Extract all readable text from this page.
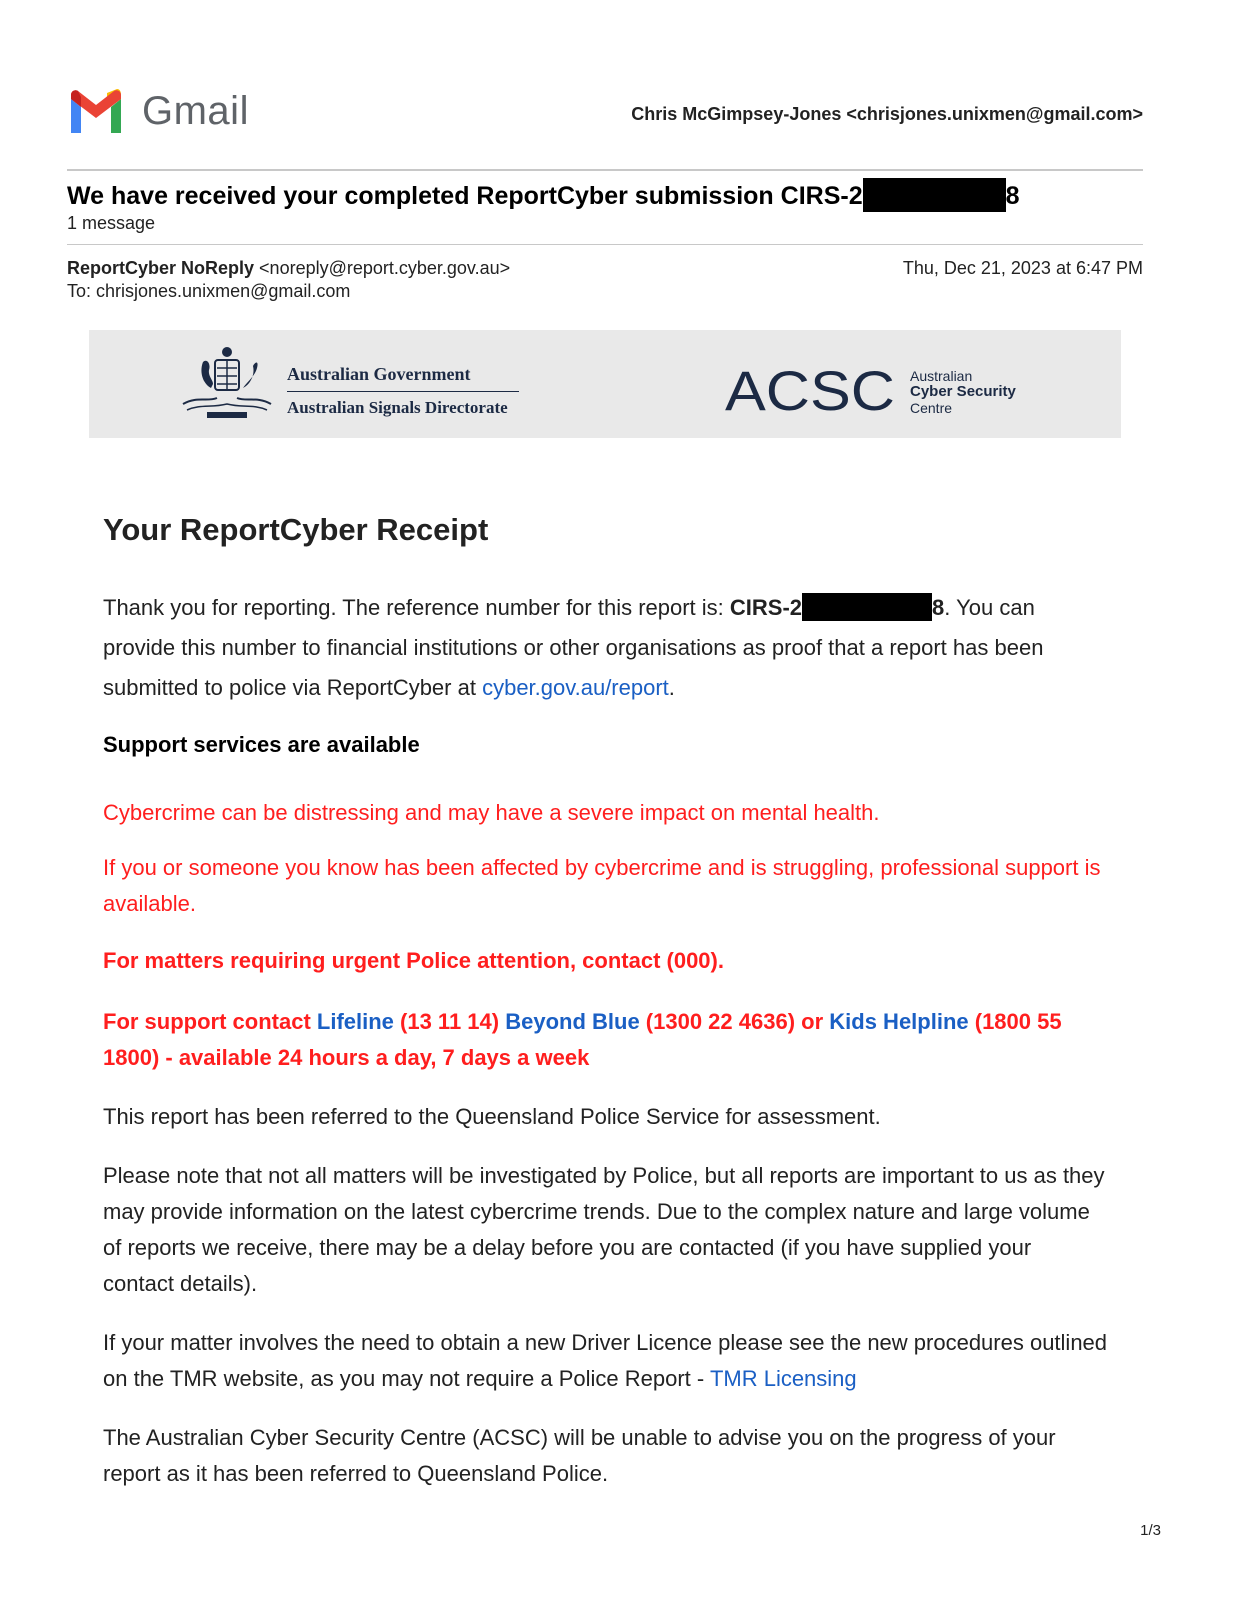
Gmail	Chris McGimpsey-Jones <chrisjones.unixmen@gmail.com>
We have received your completed ReportCyber submission CIRS-2	8
1 message
ReportCyber NoReply <noreply@report.cyber.gov.au>
To: chrisjones.unixmen@gmail.com
Thu, Dec 21, 2023 at 6:47 PM
Australian Government
Australian Signals Directorate	ACSC Australian
Cyber Security
Centre
Your ReportCyber Receipt

Thank you for reporting. The reference number for this report is: CIRS-2	8. You can provide this number to financial institutions or other organisations as proof that a report has been submitted to police via ReportCyber at cyber.gov.au/report.

Support services are available

Cybercrime can be distressing and may have a severe impact on mental health.

If you or someone you know has been affected by cybercrime and is struggling, professional support is available.

For matters requiring urgent Police attention, contact (000).

For support contact Lifeline (13 11 14) Beyond Blue (1300 22 4636) or Kids Helpline (1800 55 1800) - available 24 hours a day, 7 days a week

This report has been referred to the Queensland Police Service for assessment.

Please note that not all matters will be investigated by Police, but all reports are important to us as they may provide information on the latest cybercrime trends. Due to the complex nature and large volume of reports we receive, there may be a delay before you are contacted (if you have supplied your contact details).

If your matter involves the need to obtain a new Driver Licence please see the new procedures outlined on the TMR website, as you may not require a Police Report - TMR Licensing

The Australian Cyber Security Centre (ACSC) will be unable to advise you on the progress of your report as it has been referred to Queensland Police.

1/3
